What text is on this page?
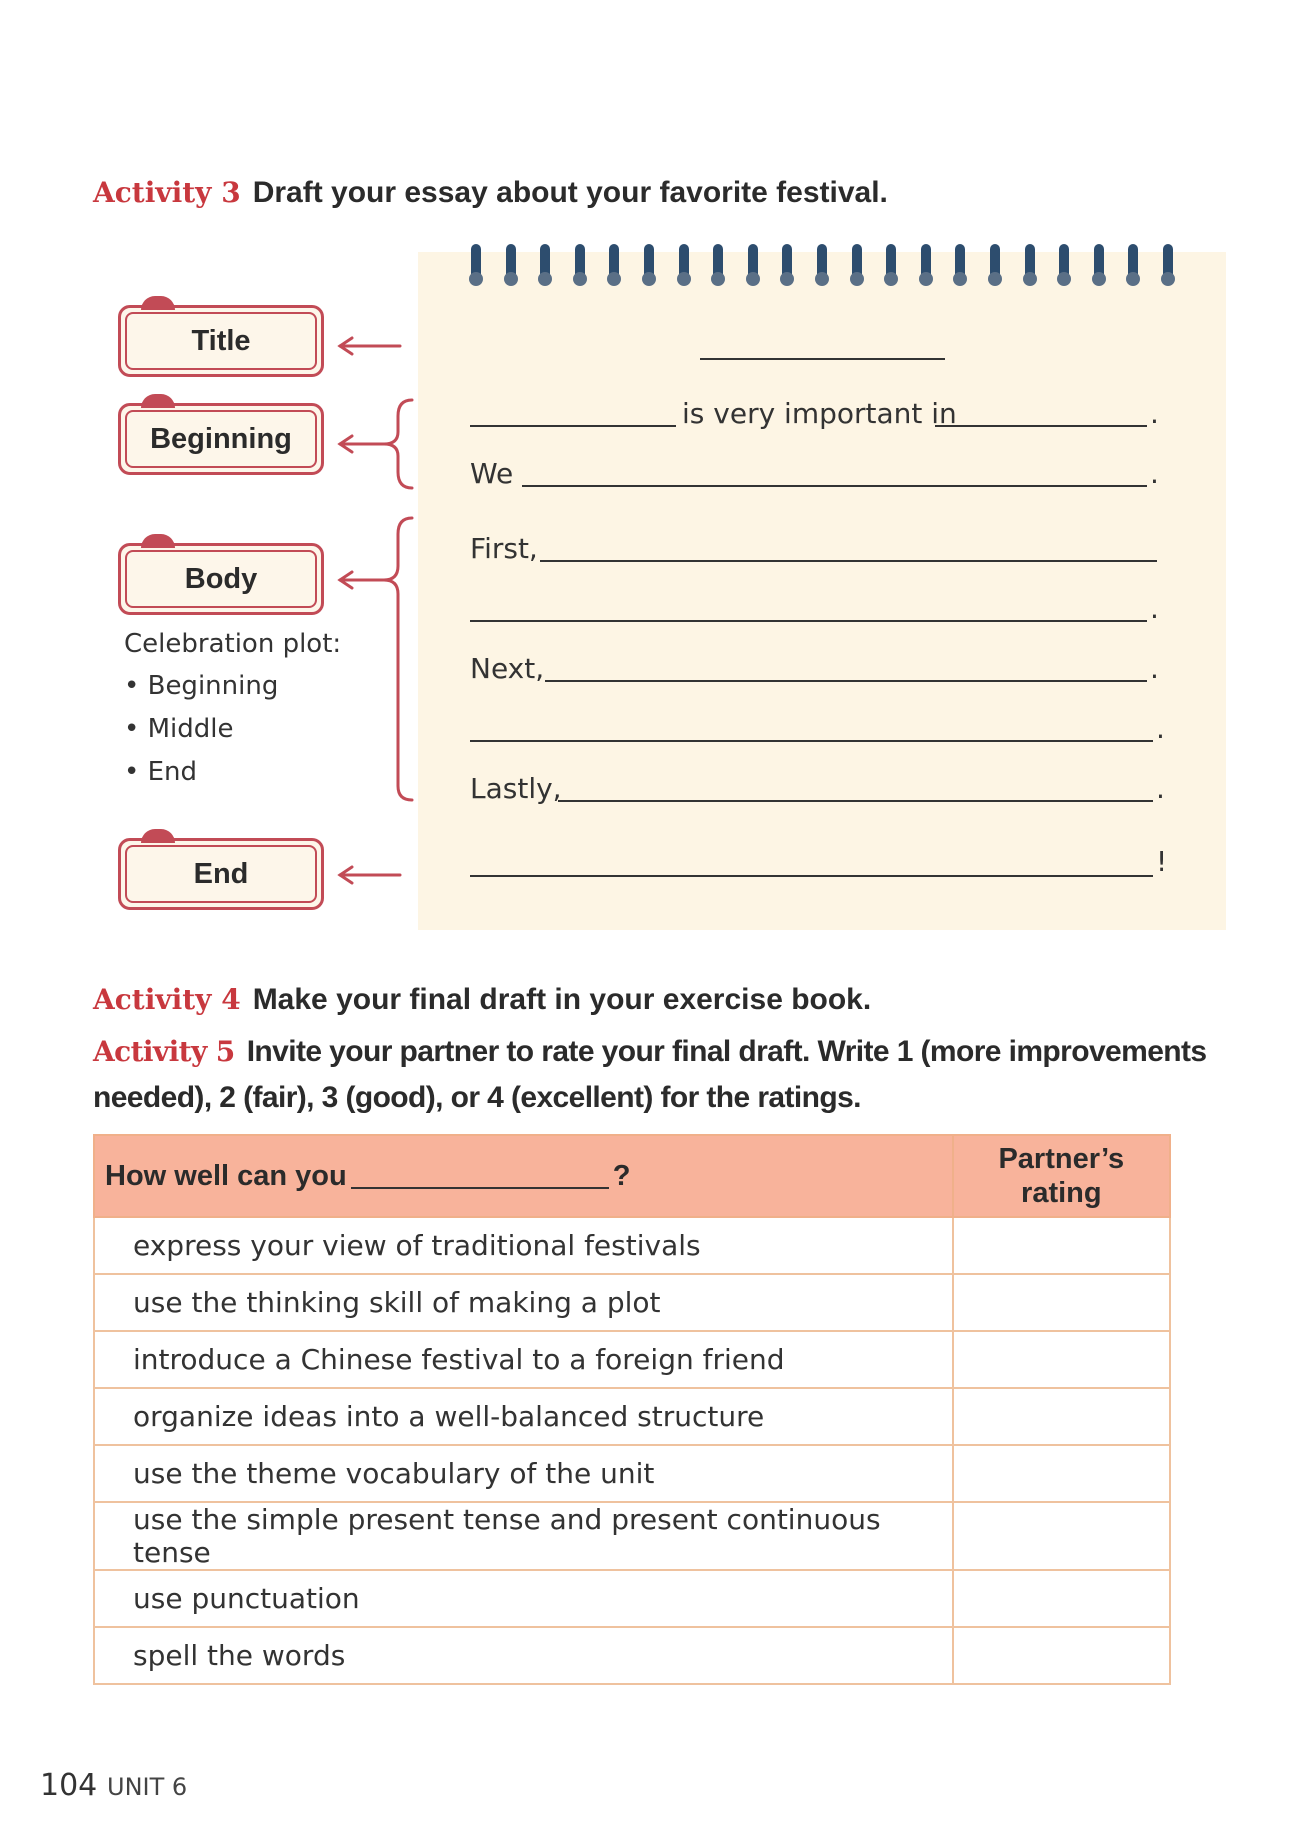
Activity 3 Draft your essay about your favorite festival.
Title
Beginning
Body
End
Celebration plot:
• Beginning
• Middle
• End
is very important in	.
We	.
First,
.
Next,	.
.
Lastly,	.
!
Activity 4 Make your final draft in your exercise book.
Activity 5 Invite your partner to rate your final draft. Write 1 (more improvements needed), 2 (fair), 3 (good), or 4 (excellent) for the ratings.
How well can you ?	Partner’s rating
express your view of traditional festivals	
use the thinking skill of making a plot	
introduce a Chinese festival to a foreign friend	
organize ideas into a well-balanced structure	
use the theme vocabulary of the unit	
use the simple present tense and present continuous tense	
use punctuation	
spell the words	
104 UNIT 6
